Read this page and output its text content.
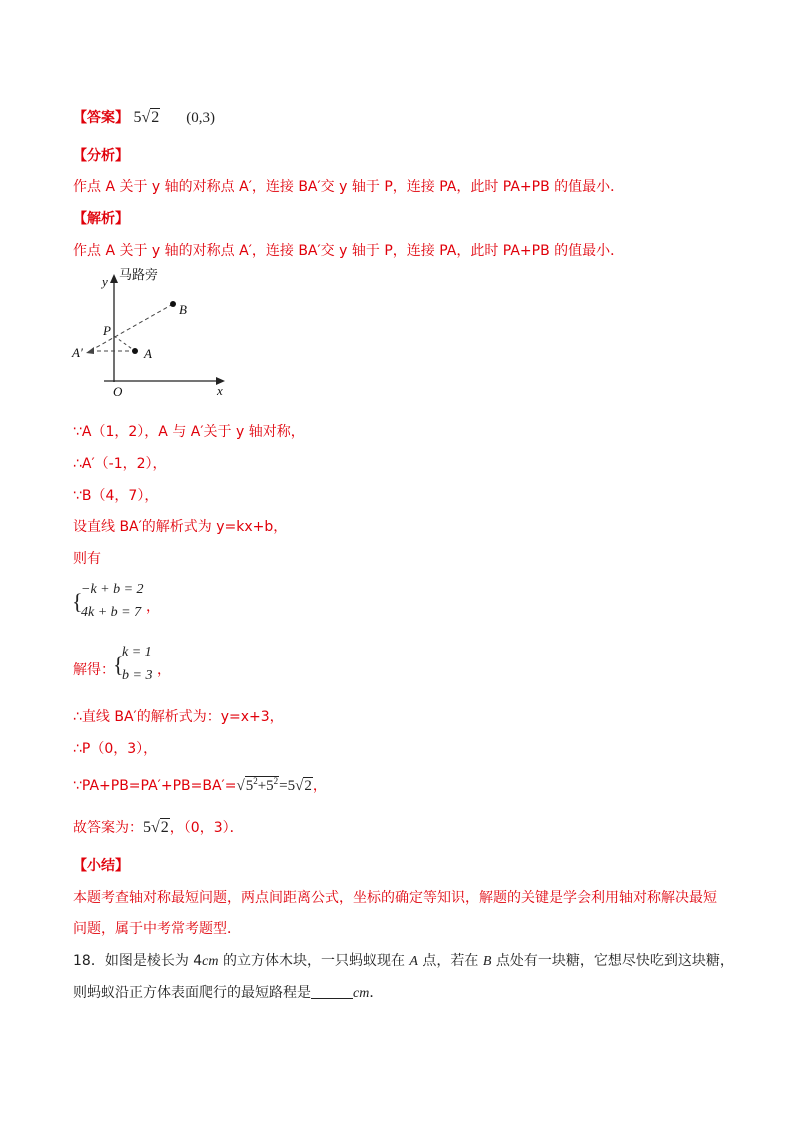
【答案】 5√2 (0,3)
【分析】
作点 A 关于 y 轴的对称点 A′，连接 BA′交 y 轴于 P，连接 PA，此时 PA+PB 的值最小．
【解析】
作点 A 关于 y 轴的对称点 A′，连接 BA′交 y 轴于 P，连接 PA，此时 PA+PB 的值最小．
马路旁
y
x
O
P
A
A′
B
∵A（1，2），A 与 A′关于 y 轴对称，
∴A′（-1，2），
∵B（4，7），
设直线 BA′的解析式为 y=kx+b，
则有
{
−k + b = 2
4k + b = 7 ，
解得：
{
k = 1
b = 3 ，
∴直线 BA′的解析式为：y=x+3，
∴P（0，3），
$\because PA+PB=PA'+PB=BA'=√5^2+5^2=5√2$，
故答案为：5√2，（0，3）．
【小结】
本题考查轴对称最短问题，两点间距离公式，坐标的确定等知识，解题的关键是学会利用轴对称解决最短
问题，属于中考常考题型．
18．如图是棱长为 4cm 的立方体木块，一只蚂蚁现在 A 点，若在 B 点处有一块糖，它想尽快吃到这块糖，
则蚂蚁沿正方体表面爬行的最短路程是	cm．
